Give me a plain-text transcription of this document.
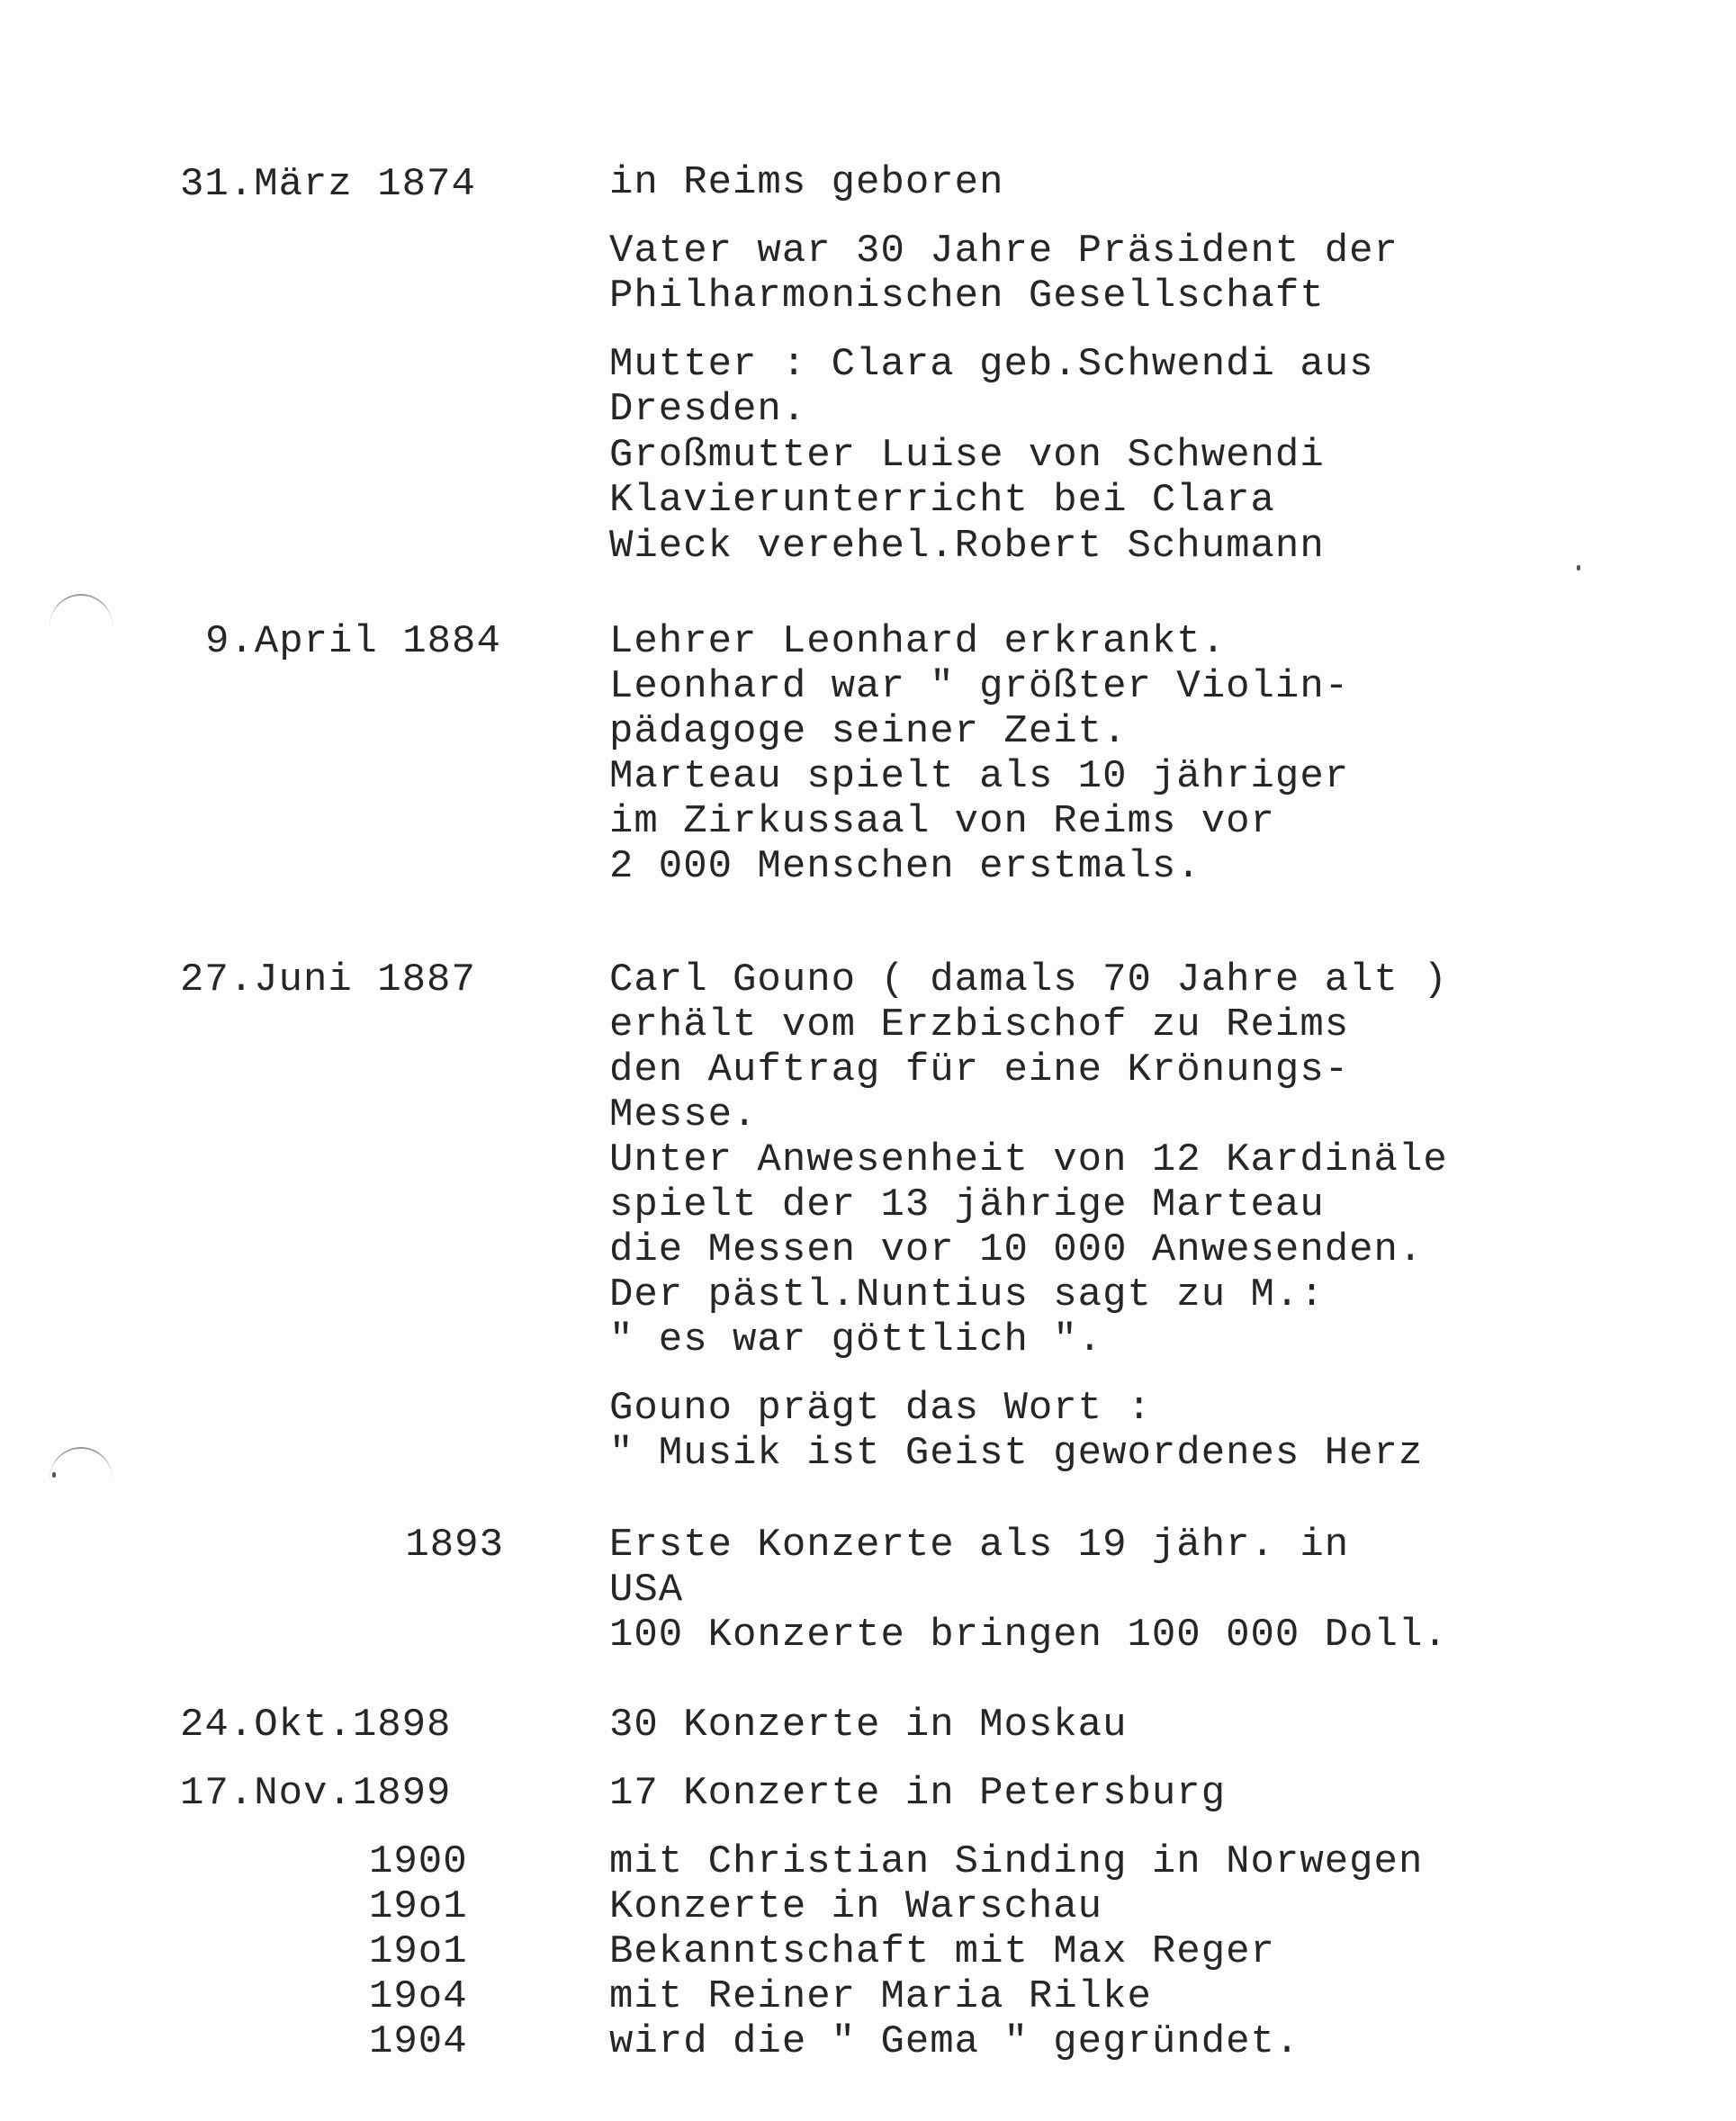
31.März 1874	in Reims geboren
Vater war 30 Jahre Präsident der
Philharmonischen Gesellschaft
Mutter : Clara geb.Schwendi aus
Dresden.
Großmutter Luise von Schwendi
Klavierunterricht bei Clara
Wieck verehel.Robert Schumann
9.April 1884	Lehrer Leonhard erkrankt.
Leonhard war " größter Violin-
pädagoge seiner Zeit.
Marteau spielt als 10 jähriger
im Zirkussaal von Reims vor
2 000 Menschen erstmals.
27.Juni 1887	Carl Gouno ( damals 70 Jahre alt )
erhält vom Erzbischof zu Reims
den Auftrag für eine Krönungs-
Messe.
Unter Anwesenheit von 12 Kardinäle
spielt der 13 jährige Marteau
die Messen vor 10 000 Anwesenden.
Der pästl.Nuntius sagt zu M.:
" es war göttlich ".
Gouno prägt das Wort :
" Musik ist Geist gewordenes Herz
1893	Erste Konzerte als 19 jähr. in
USA
100 Konzerte bringen 100 000 Doll.
24.Okt.1898	30 Konzerte in Moskau
17.Nov.1899	17 Konzerte in Petersburg
1900	mit Christian Sinding in Norwegen
19o1	Konzerte in Warschau
19o1	Bekanntschaft mit Max Reger
19o4	mit Reiner Maria Rilke
1904	wird die " Gema " gegründet.
